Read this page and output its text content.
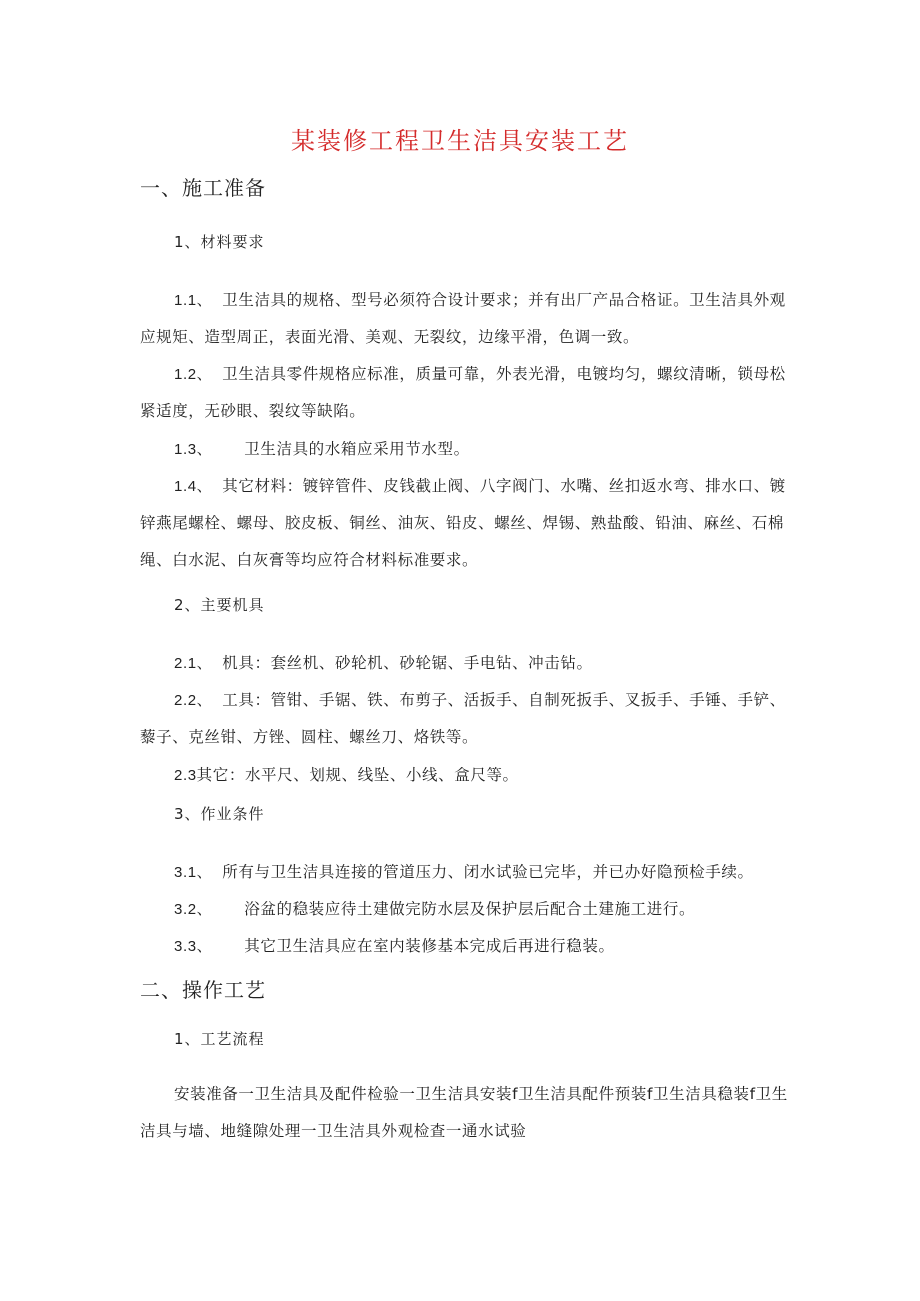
某装修工程卫生洁具安装工艺
一、施工准备
1、材料要求

1.1、 卫生洁具的规格、型号必须符合设计要求；并有出厂产品合格证。卫生洁具外观应规矩、造型周正，表面光滑、美观、无裂纹，边缘平滑，色调一致。

1.2、 卫生洁具零件规格应标准，质量可靠，外表光滑，电镀均匀，螺纹清晰，锁母松紧适度，无砂眼、裂纹等缺陷。

1.3、 卫生洁具的水箱应采用节水型。

1.4、 其它材料：镀锌管件、皮钱截止阀、八字阀门、水嘴、丝扣返水弯、排水口、镀锌燕尾螺栓、螺母、胶皮板、铜丝、油灰、铅皮、螺丝、焊锡、熟盐酸、铅油、麻丝、石棉绳、白水泥、白灰膏等均应符合材料标准要求。

2、主要机具

2.1、 机具：套丝机、砂轮机、砂轮锯、手电钻、冲击钻。

2.2、 工具：管钳、手锯、铁、布剪子、活扳手、自制死扳手、叉扳手、手锤、手铲、藜子、克丝钳、方锉、圆柱、螺丝刀、烙铁等。

2.3其它：水平尺、划规、线坠、小线、盒尺等。

3、作业条件

3.1、 所有与卫生洁具连接的管道压力、闭水试验已完毕，并已办好隐预检手续。

3.2、 浴盆的稳装应待土建做完防水层及保护层后配合土建施工进行。

3.3、 其它卫生洁具应在室内装修基本完成后再进行稳装。

二、操作工艺
1、工艺流程

安装准备一卫生洁具及配件检验一卫生洁具安装f卫生洁具配件预装f卫生洁具稳装f卫生洁具与墙、地缝隙处理一卫生洁具外观检查一通水试验
